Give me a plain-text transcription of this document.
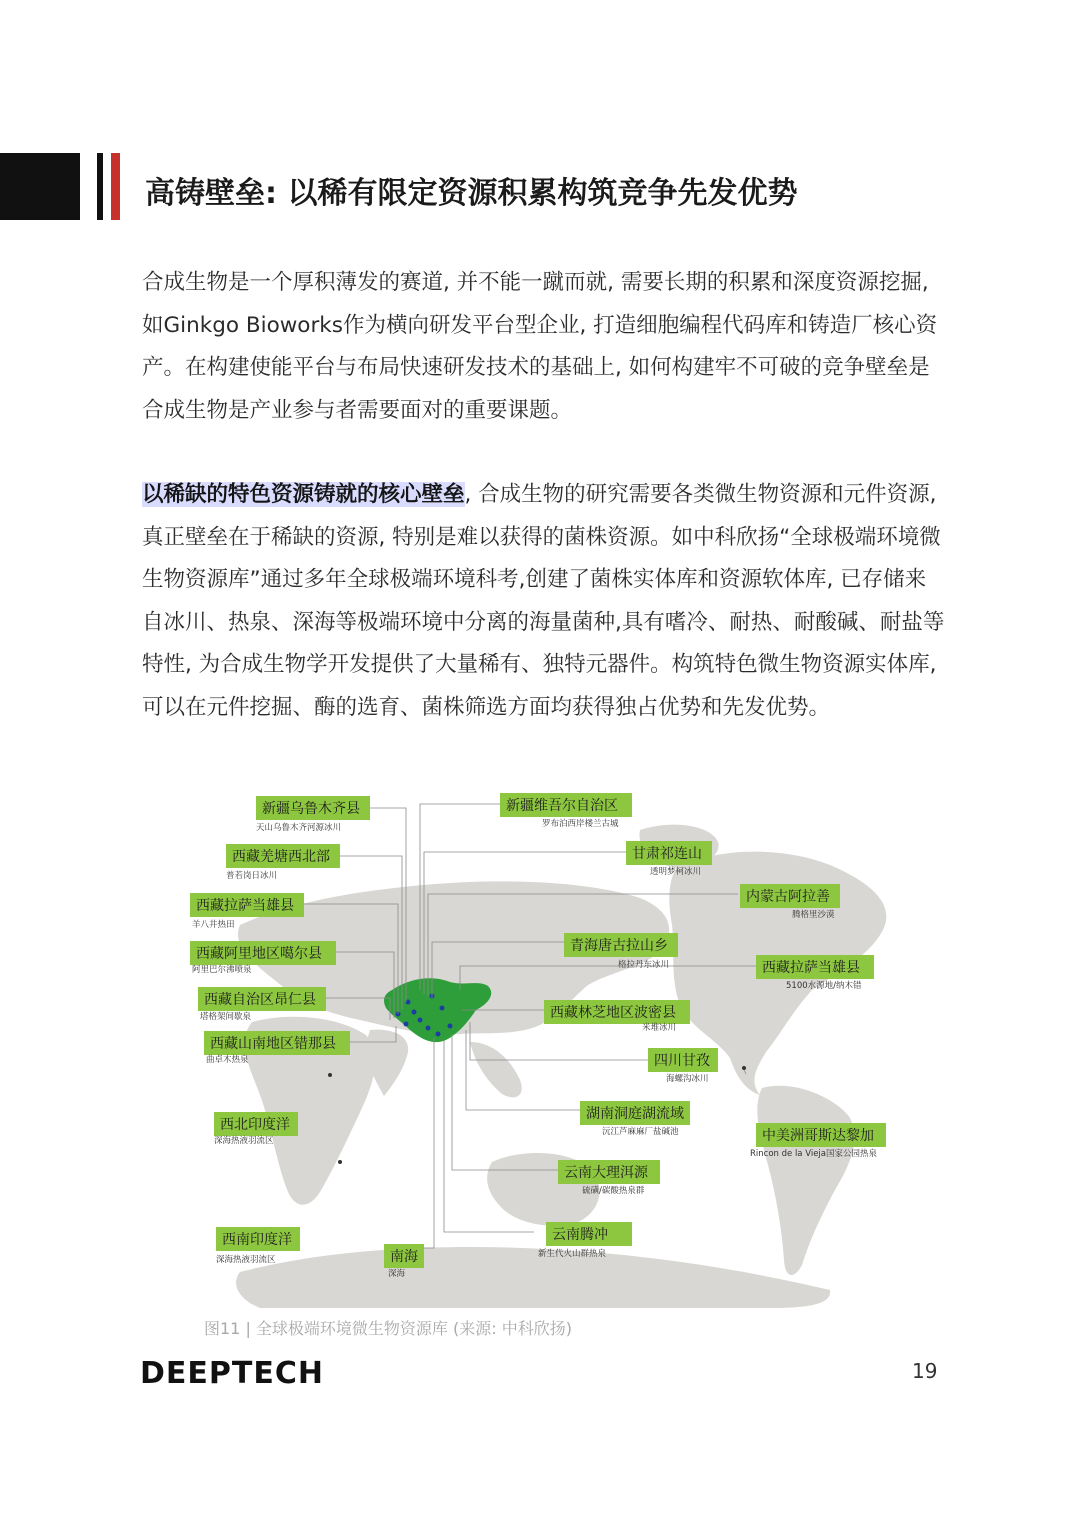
高铸壁垒: 以稀有限定资源积累构筑竞争先发优势

合成生物是一个厚积薄发的赛道, 并不能一蹴而就, 需要长期的积累和深度资源挖掘, 如Ginkgo Bioworks作为横向研发平台型企业, 打造细胞编程代码库和铸造厂核心资产。在构建使能平台与布局快速研发技术的基础上, 如何构建牢不可破的竞争壁垒是合成生物是产业参与者需要面对的重要课题。

以稀缺的特色资源铸就的核心壁垒, 合成生物的研究需要各类微生物资源和元件资源, 真正壁垒在于稀缺的资源, 特别是难以获得的菌株资源。如中科欣扬“全球极端环境微生物资源库”通过多年全球极端环境科考,创建了菌株实体库和资源软体库, 已存储来自冰川、热泉、深海等极端环境中分离的海量菌种,具有嗜冷、耐热、耐酸碱、耐盐等特性, 为合成生物学开发提供了大量稀有、独特元器件。构筑特色微生物资源实体库, 可以在元件挖掘、酶的选育、菌株筛选方面均获得独占优势和先发优势。

新疆乌鲁木齐县
天山乌鲁木齐河源冰川
西藏羌塘西北部
普若岗日冰川
西藏拉萨当雄县
羊八井热田
西藏阿里地区噶尔县
阿里巴尔沸喷泉
西藏自治区昂仁县
塔格架间歇泉
西藏山南地区错那县
曲卓木热泉
西北印度洋
深海热液羽流区
西南印度洋
深海热液羽流区	南海
深海
新疆维吾尔自治区
罗布泊西岸楼兰古城
甘肃祁连山
透明梦柯冰川
内蒙古阿拉善
腾格里沙漠
青海唐古拉山乡
格拉丹东冰川	西藏拉萨当雄县
5100水源地/纳木错
西藏林芝地区波密县
米堆冰川
四川甘孜
海螺沟冰川
湖南洞庭湖流域
沅江芦麻麻厂盐碱池	中美洲哥斯达黎加
Rincon de la Vieja国家公园热泉
云南大理洱源
硫磺/碳酸热泉群
云南腾冲
新生代火山群热泉

图11 | 全球极端环境微生物资源库 (来源: 中科欣扬)

DEEPTECH	19
